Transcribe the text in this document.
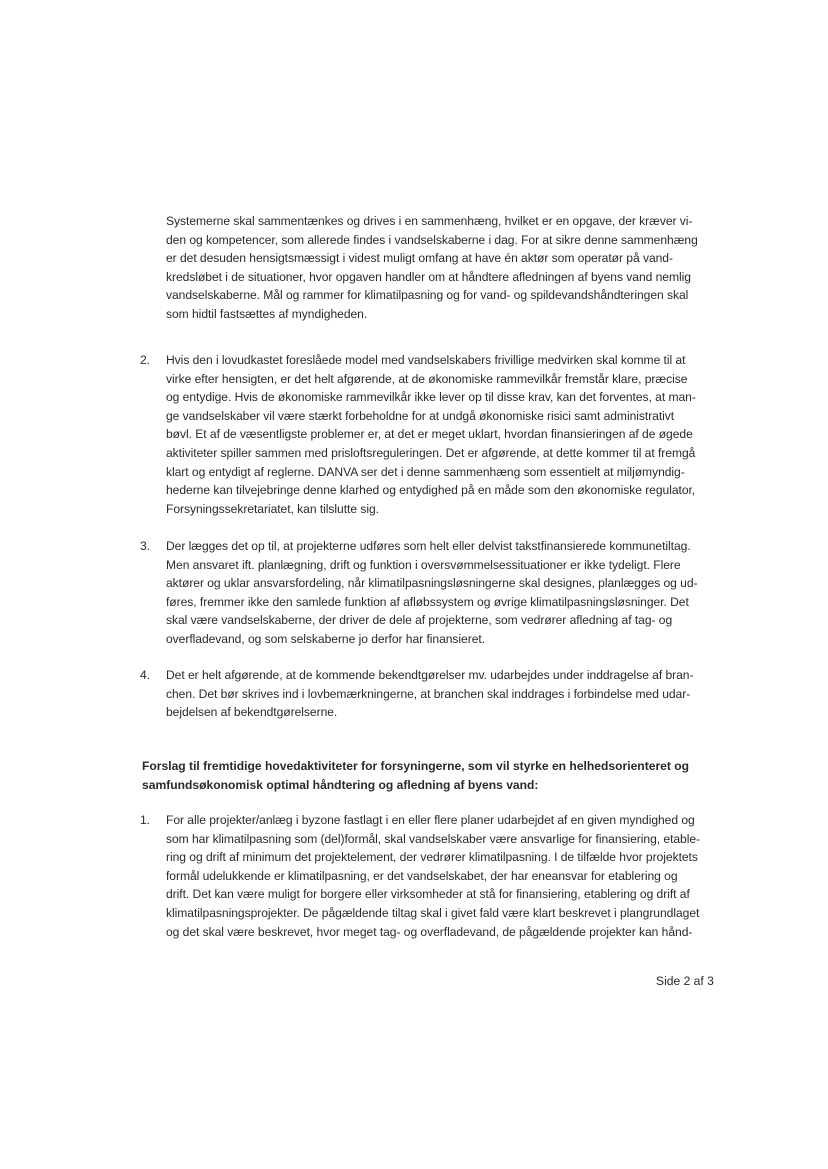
Systemerne skal sammentænkes og drives i en sammenhæng, hvilket er en opgave, der kræver vi-
den og kompetencer, som allerede findes i vandselskaberne i dag. For at sikre denne sammenhæng
er det desuden hensigtsmæssigt i videst muligt omfang at have én aktør som operatør på vand-
kredsløbet i de situationer, hvor opgaven handler om at håndtere afledningen af byens vand nemlig
vandselskaberne. Mål og rammer for klimatilpasning og for vand- og spildevandshåndteringen skal
som hidtil fastsættes af myndigheden.
2.	Hvis den i lovudkastet foreslåede model med vandselskabers frivillige medvirken skal komme til at
virke efter hensigten, er det helt afgørende, at de økonomiske rammevilkår fremstår klare, præcise
og entydige. Hvis de økonomiske rammevilkår ikke lever op til disse krav, kan det forventes, at man-
ge vandselskaber vil være stærkt forbeholdne for at undgå økonomiske risici samt administrativt
bøvl. Et af de væsentligste problemer er, at det er meget uklart, hvordan finansieringen af de øgede
aktiviteter spiller sammen med prisloftsreguleringen. Det er afgørende, at dette kommer til at fremgå
klart og entydigt af reglerne. DANVA ser det i denne sammenhæng som essentielt at miljømyndig-
hederne kan tilvejebringe denne klarhed og entydighed på en måde som den økonomiske regulator,
Forsyningssekretariatet, kan tilslutte sig.
3.	Der lægges det op til, at projekterne udføres som helt eller delvist takstfinansierede kommunetiltag.
Men ansvaret ift. planlægning, drift og funktion i oversvømmelsessituationer er ikke tydeligt. Flere
aktører og uklar ansvarsfordeling, når klimatilpasningsløsningerne skal designes, planlægges og ud-
føres, fremmer ikke den samlede funktion af afløbssystem og øvrige klimatilpasningsløsninger. Det
skal være vandselskaberne, der driver de dele af projekterne, som vedrører afledning af tag- og
overfladevand, og som selskaberne jo derfor har finansieret.
4.	Det er helt afgørende, at de kommende bekendtgørelser mv. udarbejdes under inddragelse af bran-
chen. Det bør skrives ind i lovbemærkningerne, at branchen skal inddrages i forbindelse med udar-
bejdelsen af bekendtgørelserne.
Forslag til fremtidige hovedaktiviteter for forsyningerne, som vil styrke en helhedsorienteret og
samfundsøkonomisk optimal håndtering og afledning af byens vand:
1.	For alle projekter/anlæg i byzone fastlagt i en eller flere planer udarbejdet af en given myndighed og
som har klimatilpasning som (del)formål, skal vandselskaber være ansvarlige for finansiering, etable-
ring og drift af minimum det projektelement, der vedrører klimatilpasning. I de tilfælde hvor projektets
formål udelukkende er klimatilpasning, er det vandselskabet, der har eneansvar for etablering og
drift. Det kan være muligt for borgere eller virksomheder at stå for finansiering, etablering og drift af
klimatilpasningsprojekter. De pågældende tiltag skal i givet fald være klart beskrevet i plangrundlaget
og det skal være beskrevet, hvor meget tag- og overfladevand, de pågældende projekter kan hånd-
Side 2 af 3
